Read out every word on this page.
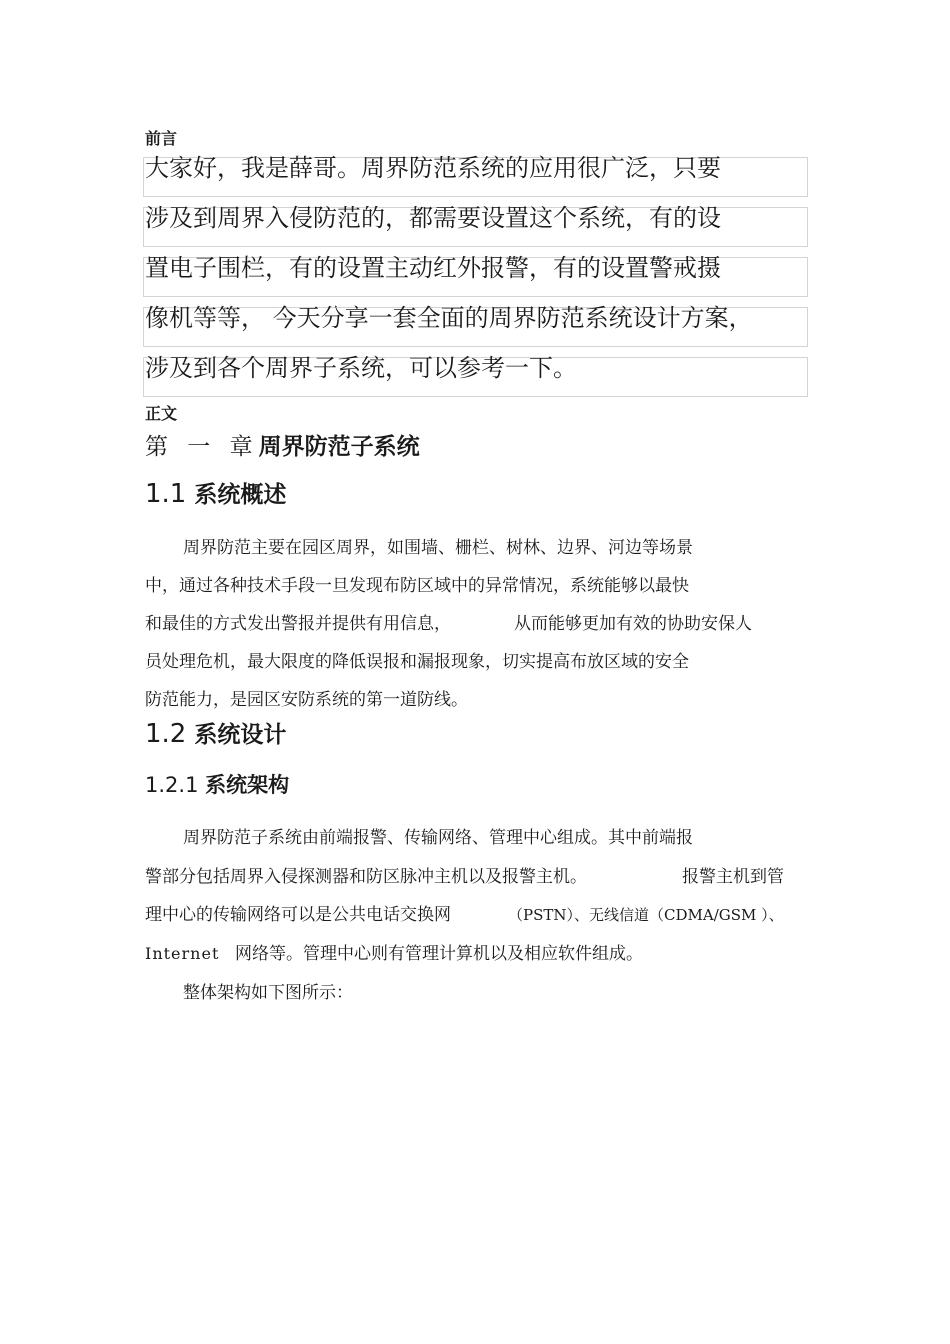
前言
大家好，我是薛哥。周界防范系统的应用很广泛，只要
涉及到周界入侵防范的，都需要设置这个系统，有的设
置电子围栏，有的设置主动红外报警，有的设置警戒摄
像机等等， 今天分享一套全面的周界防范系统设计方案，
涉及到各个周界子系统，可以参考一下。
正文
第 一 章周界防范子系统
1.1 系统概述
周界防范主要在园区周界，如围墙、栅栏、树林、边界、河边等场景
中，通过各种技术手段一旦发现布防区域中的异常情况，系统能够以最快
和最佳的方式发出警报并提供有用信息，	从而能够更加有效的协助安保人
员处理危机，最大限度的降低误报和漏报现象，切实提高布放区域的安全
防范能力，是园区安防系统的第一道防线。
1.2 系统设计
1.2.1 系统架构
周界防范子系统由前端报警、传输网络、管理中心组成。其中前端报
警部分包括周界入侵探测器和防区脉冲主机以及报警主机。	报警主机到管
理中心的传输网络可以是公共电话交换网	（PSTN）、无线信道（CDMA/GSM ）、
Internet 网络等。管理中心则有管理计算机以及相应软件组成。
整体架构如下图所示：
